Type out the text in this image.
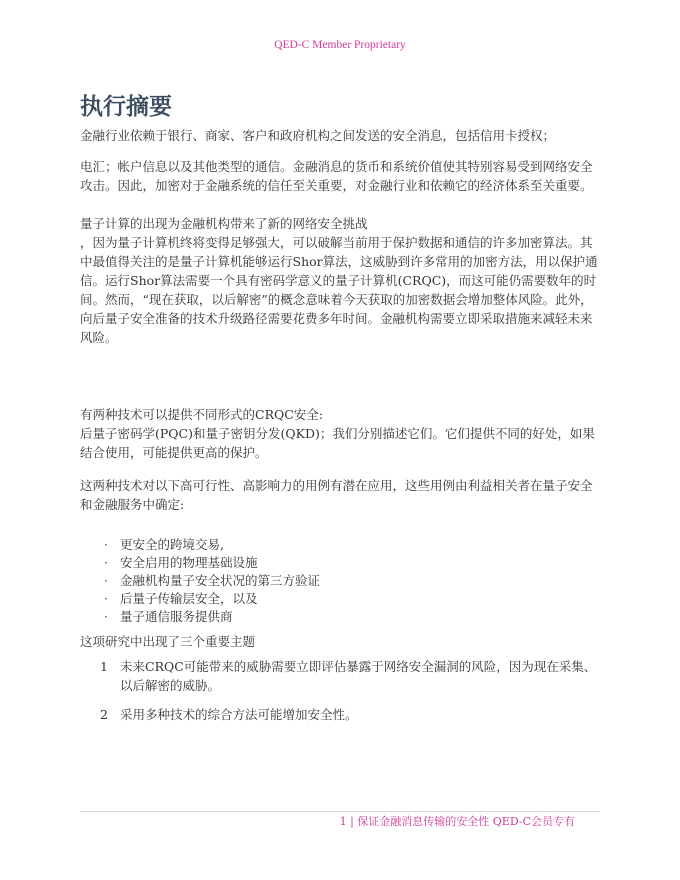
QED-C Member Proprietary
执行摘要

金融行业依赖于银行、商家、客户和政府机构之间发送的安全消息，包括信用卡授权；

电汇；帐户信息以及其他类型的通信。金融消息的货币和系统价值使其特别容易受到网络安全攻击。因此，加密对于金融系统的信任至关重要，对金融行业和依赖它的经济体系至关重要。

量子计算的出现为金融机构带来了新的网络安全挑战

，因为量子计算机终将变得足够强大，可以破解当前用于保护数据和通信的许多加密算法。其中最值得关注的是量子计算机能够运行Shor算法，这威胁到许多常用的加密方法，用以保护通信。运行Shor算法需要一个具有密码学意义的量子计算机(CRQC)，而这可能仍需要数年的时间。然而，“现在获取，以后解密”的概念意味着今天获取的加密数据会增加整体风险。此外，向后量子安全准备的技术升级路径需要花费多年时间。金融机构需要立即采取措施来减轻未来风险。

有两种技术可以提供不同形式的CRQC安全:

后量子密码学(PQC)和量子密钥分发(QKD)；我们分别描述它们。它们提供不同的好处，如果结合使用，可能提供更高的保护。

这两种技术对以下高可行性、高影响力的用例有潜在应用，这些用例由利益相关者在量子安全和金融服务中确定:

· 更安全的跨境交易,
· 安全启用的物理基础设施
· 金融机构量子安全状况的第三方验证
· 后量子传输层安全，以及
· 量子通信服务提供商

这项研究中出现了三个重要主题

1 未来CRQC可能带来的威胁需要立即评估暴露于网络安全漏洞的风险，因为现在采集、以后解密的威胁。
2 采用多种技术的综合方法可能增加安全性。
1 | 保证金融消息传输的安全性 QED-C会员专有
